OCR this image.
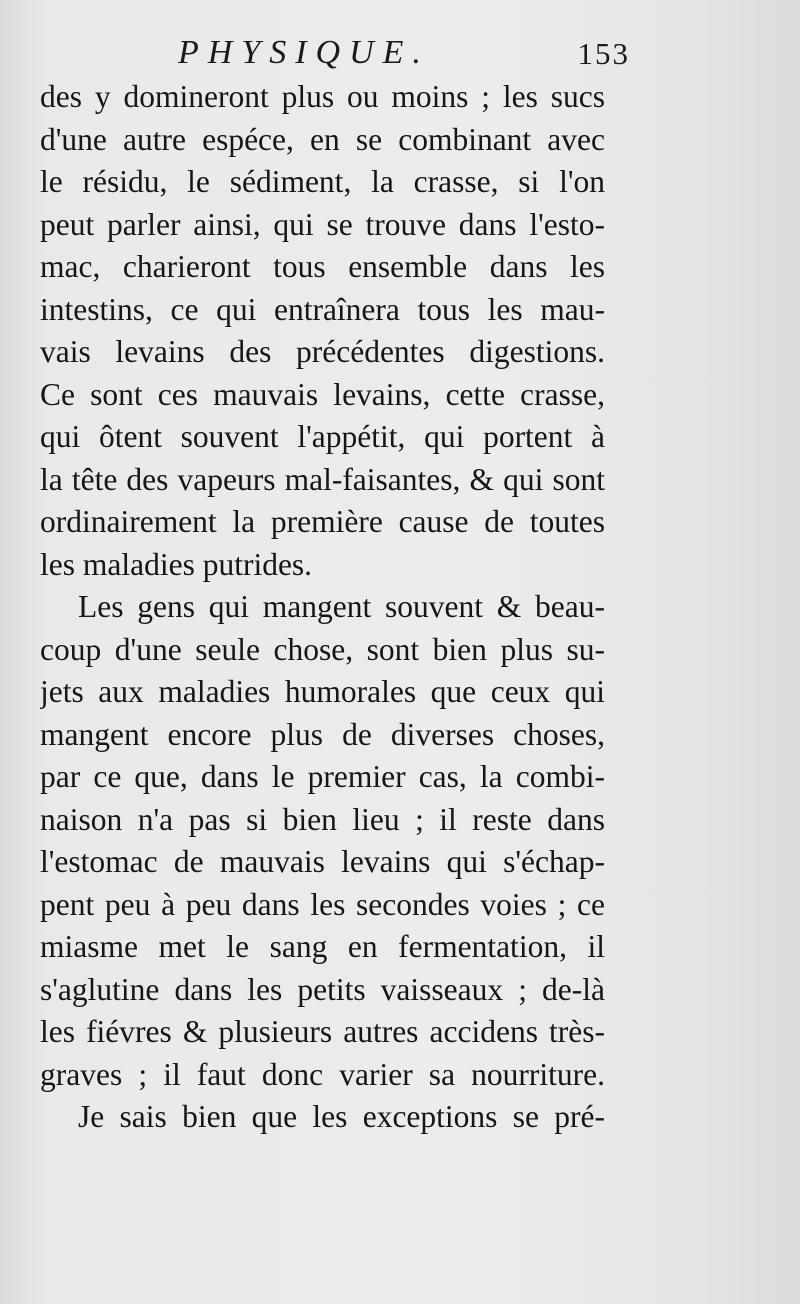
PHYSIQUE.	153
des y domineront plus ou moins ; les sucs
d'une autre espéce, en se combinant avec
le résidu, le sédiment, la crasse, si l'on
peut parler ainsi, qui se trouve dans l'esto-
mac, charieront tous ensemble dans les
intestins, ce qui entraînera tous les mau-
vais levains des précédentes digestions.
Ce sont ces mauvais levains, cette crasse,
qui ôtent souvent l'appétit, qui portent à
la tête des vapeurs mal-faisantes, & qui sont
ordinairement la première cause de toutes
les maladies putrides.
Les gens qui mangent souvent & beau-
coup d'une seule chose, sont bien plus su-
jets aux maladies humorales que ceux qui
mangent encore plus de diverses choses,
par ce que, dans le premier cas, la combi-
naison n'a pas si bien lieu ; il reste dans
l'estomac de mauvais levains qui s'échap-
pent peu à peu dans les secondes voies ; ce
miasme met le sang en fermentation, il
s'aglutine dans les petits vaisseaux ; de-là
les fiévres & plusieurs autres accidens très-
graves ; il faut donc varier sa nourriture.
Je sais bien que les exceptions se pré-
